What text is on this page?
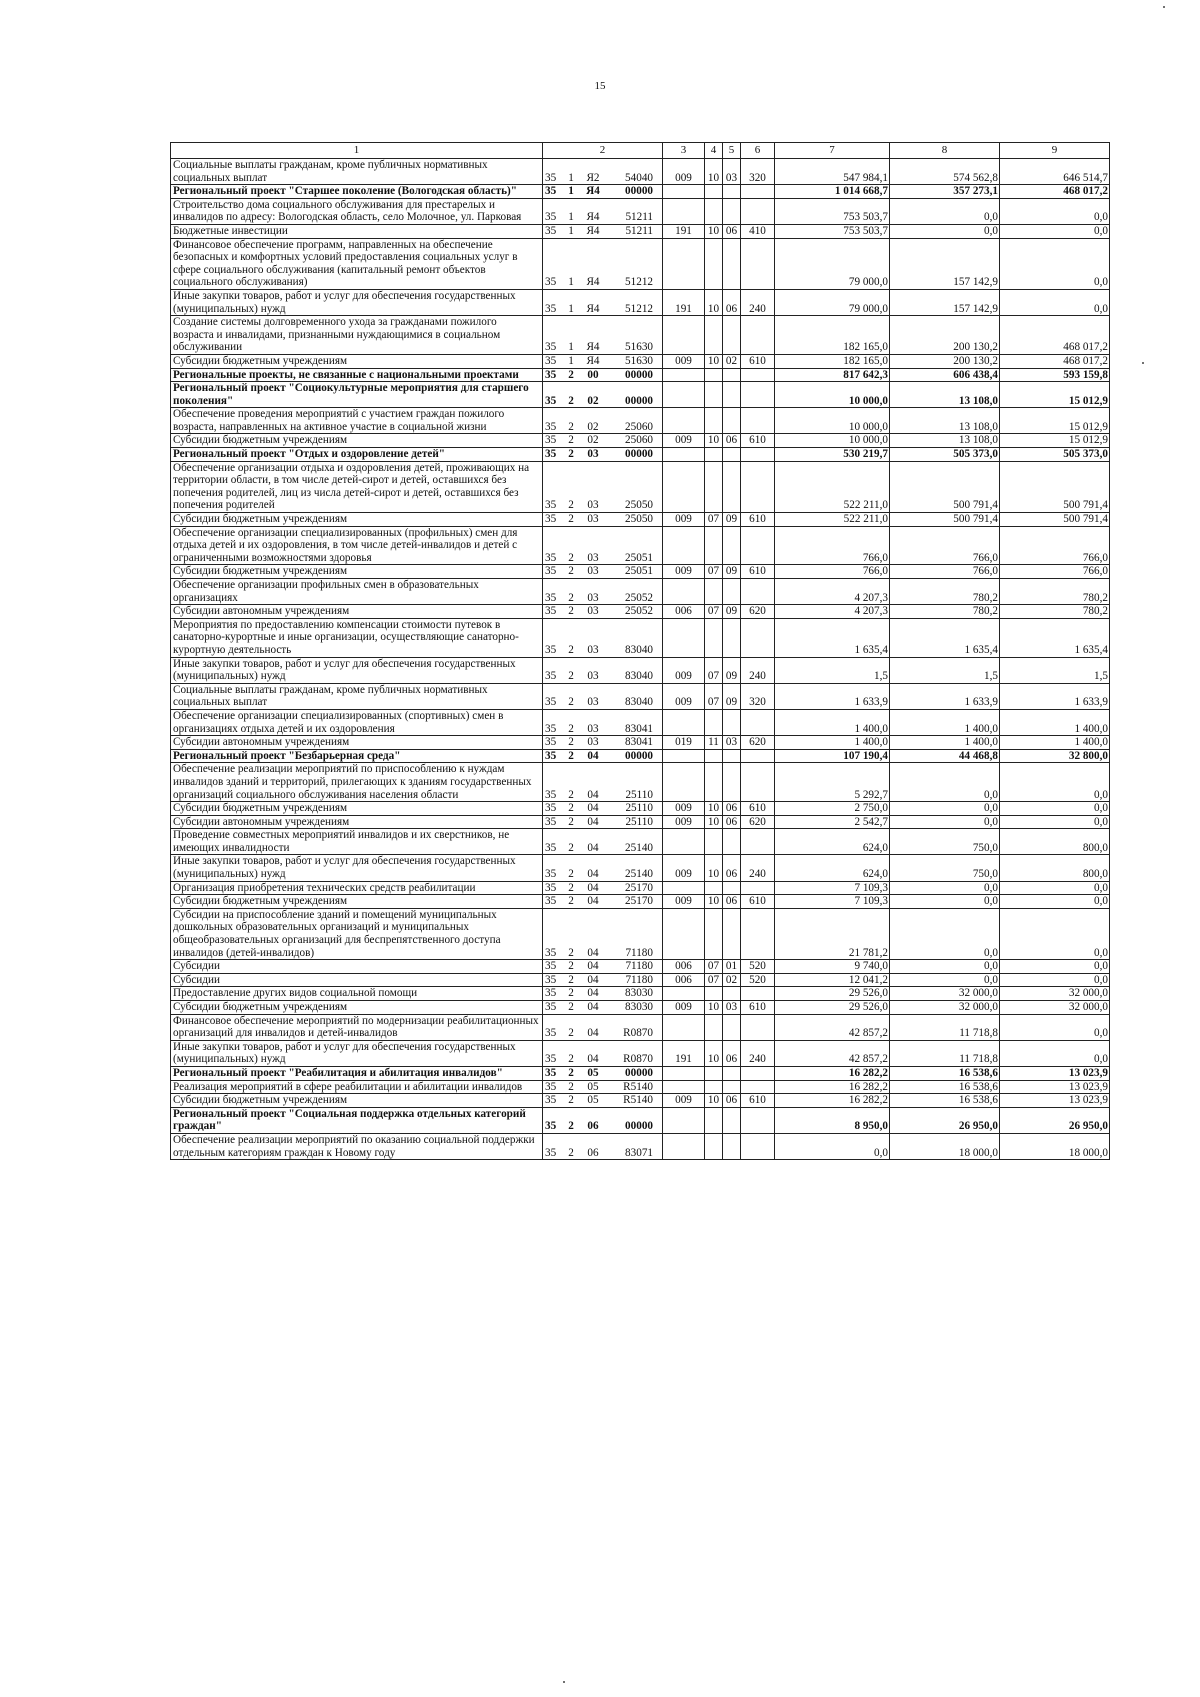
15
1	2	3	4	5	6	7	8	9
Социальные выплаты гражданам, кроме публичных нормативных социальных выплат	35 1 Я2 54040	009	10	03	320	547 984,1	574 562,8	646 514,7
Региональный проект "Старшее поколение (Вологодская область)"	35 1 Я4 00000					1 014 668,7	357 273,1	468 017,2
Строительство дома социального обслуживания для престарелых и инвалидов по адресу: Вологодская область, село Молочное, ул. Парковая	35 1 Я4 51211					753 503,7	0,0	0,0
Бюджетные инвестиции	35 1 Я4 51211	191	10	06	410	753 503,7	0,0	0,0
Финансовое обеспечение программ, направленных на обеспечение безопасных и комфортных условий предоставления социальных услуг в сфере социального обслуживания (капитальный ремонт объектов социального обслуживания)	35 1 Я4 51212					79 000,0	157 142,9	0,0
Иные закупки товаров, работ и услуг для обеспечения государственных (муниципальных) нужд	35 1 Я4 51212	191	10	06	240	79 000,0	157 142,9	0,0
Создание системы долговременного ухода за гражданами пожилого возраста и инвалидами, признанными нуждающимися в социальном обслуживании	35 1 Я4 51630					182 165,0	200 130,2	468 017,2
Субсидии бюджетным учреждениям	35 1 Я4 51630	009	10	02	610	182 165,0	200 130,2	468 017,2
Региональные проекты, не связанные с национальными проектами	35 2 00 00000					817 642,3	606 438,4	593 159,8
Региональный проект "Социокультурные мероприятия для старшего поколения"	35 2 02 00000					10 000,0	13 108,0	15 012,9
Обеспечение проведения мероприятий с участием граждан пожилого возраста, направленных на активное участие в социальной жизни	35 2 02 25060					10 000,0	13 108,0	15 012,9
Субсидии бюджетным учреждениям	35 2 02 25060	009	10	06	610	10 000,0	13 108,0	15 012,9
Региональный проект "Отдых и оздоровление детей"	35 2 03 00000					530 219,7	505 373,0	505 373,0
Обеспечение организации отдыха и оздоровления детей, проживающих на территории области, в том числе детей-сирот и детей, оставшихся без попечения родителей, лиц из числа детей-сирот и детей, оставшихся без попечения родителей	35 2 03 25050					522 211,0	500 791,4	500 791,4
Субсидии бюджетным учреждениям	35 2 03 25050	009	07	09	610	522 211,0	500 791,4	500 791,4
Обеспечение организации специализированных (профильных) смен для отдыха детей и их оздоровления, в том числе детей-инвалидов и детей с ограниченными возможностями здоровья	35 2 03 25051					766,0	766,0	766,0
Субсидии бюджетным учреждениям	35 2 03 25051	009	07	09	610	766,0	766,0	766,0
Обеспечение организации профильных смен в образовательных организациях	35 2 03 25052					4 207,3	780,2	780,2
Субсидии автономным учреждениям	35 2 03 25052	006	07	09	620	4 207,3	780,2	780,2
Мероприятия по предоставлению компенсации стоимости путевок в санаторно-курортные и иные организации, осуществляющие санаторно-курортную деятельность	35 2 03 83040					1 635,4	1 635,4	1 635,4
Иные закупки товаров, работ и услуг для обеспечения государственных (муниципальных) нужд	35 2 03 83040	009	07	09	240	1,5	1,5	1,5
Социальные выплаты гражданам, кроме публичных нормативных социальных выплат	35 2 03 83040	009	07	09	320	1 633,9	1 633,9	1 633,9
Обеспечение организации специализированных (спортивных) смен в организациях отдыха детей и их оздоровления	35 2 03 83041					1 400,0	1 400,0	1 400,0
Субсидии автономным учреждениям	35 2 03 83041	019	11	03	620	1 400,0	1 400,0	1 400,0
Региональный проект "Безбарьерная среда"	35 2 04 00000					107 190,4	44 468,8	32 800,0
Обеспечение реализации мероприятий по приспособлению к нуждам инвалидов зданий и территорий, прилегающих к зданиям государственных организаций социального обслуживания населения области	35 2 04 25110					5 292,7	0,0	0,0
Субсидии бюджетным учреждениям	35 2 04 25110	009	10	06	610	2 750,0	0,0	0,0
Субсидии автономным учреждениям	35 2 04 25110	009	10	06	620	2 542,7	0,0	0,0
Проведение совместных мероприятий инвалидов и их сверстников, не имеющих инвалидности	35 2 04 25140					624,0	750,0	800,0
Иные закупки товаров, работ и услуг для обеспечения государственных (муниципальных) нужд	35 2 04 25140	009	10	06	240	624,0	750,0	800,0
Организация приобретения технических средств реабилитации	35 2 04 25170					7 109,3	0,0	0,0
Субсидии бюджетным учреждениям	35 2 04 25170	009	10	06	610	7 109,3	0,0	0,0
Субсидии на приспособление зданий и помещений муниципальных дошкольных образовательных организаций и муниципальных общеобразовательных организаций для беспрепятственного доступа инвалидов (детей-инвалидов)	35 2 04 71180					21 781,2	0,0	0,0
Субсидии	35 2 04 71180	006	07	01	520	9 740,0	0,0	0,0
Субсидии	35 2 04 71180	006	07	02	520	12 041,2	0,0	0,0
Предоставление других видов социальной помощи	35 2 04 83030					29 526,0	32 000,0	32 000,0
Субсидии бюджетным учреждениям	35 2 04 83030	009	10	03	610	29 526,0	32 000,0	32 000,0
Финансовое обеспечение мероприятий по модернизации реабилитационных организаций для инвалидов и детей-инвалидов	35 2 04 R0870					42 857,2	11 718,8	0,0
Иные закупки товаров, работ и услуг для обеспечения государственных (муниципальных) нужд	35 2 04 R0870	191	10	06	240	42 857,2	11 718,8	0,0
Региональный проект "Реабилитация и абилитация инвалидов"	35 2 05 00000					16 282,2	16 538,6	13 023,9
Реализация мероприятий в сфере реабилитации и абилитации инвалидов	35 2 05 R5140					16 282,2	16 538,6	13 023,9
Субсидии бюджетным учреждениям	35 2 05 R5140	009	10	06	610	16 282,2	16 538,6	13 023,9
Региональный проект "Социальная поддержка отдельных категорий граждан"	35 2 06 00000					8 950,0	26 950,0	26 950,0
Обеспечение реализации мероприятий по оказанию социальной поддержки отдельным категориям граждан к Новому году	35 2 06 83071					0,0	18 000,0	18 000,0
